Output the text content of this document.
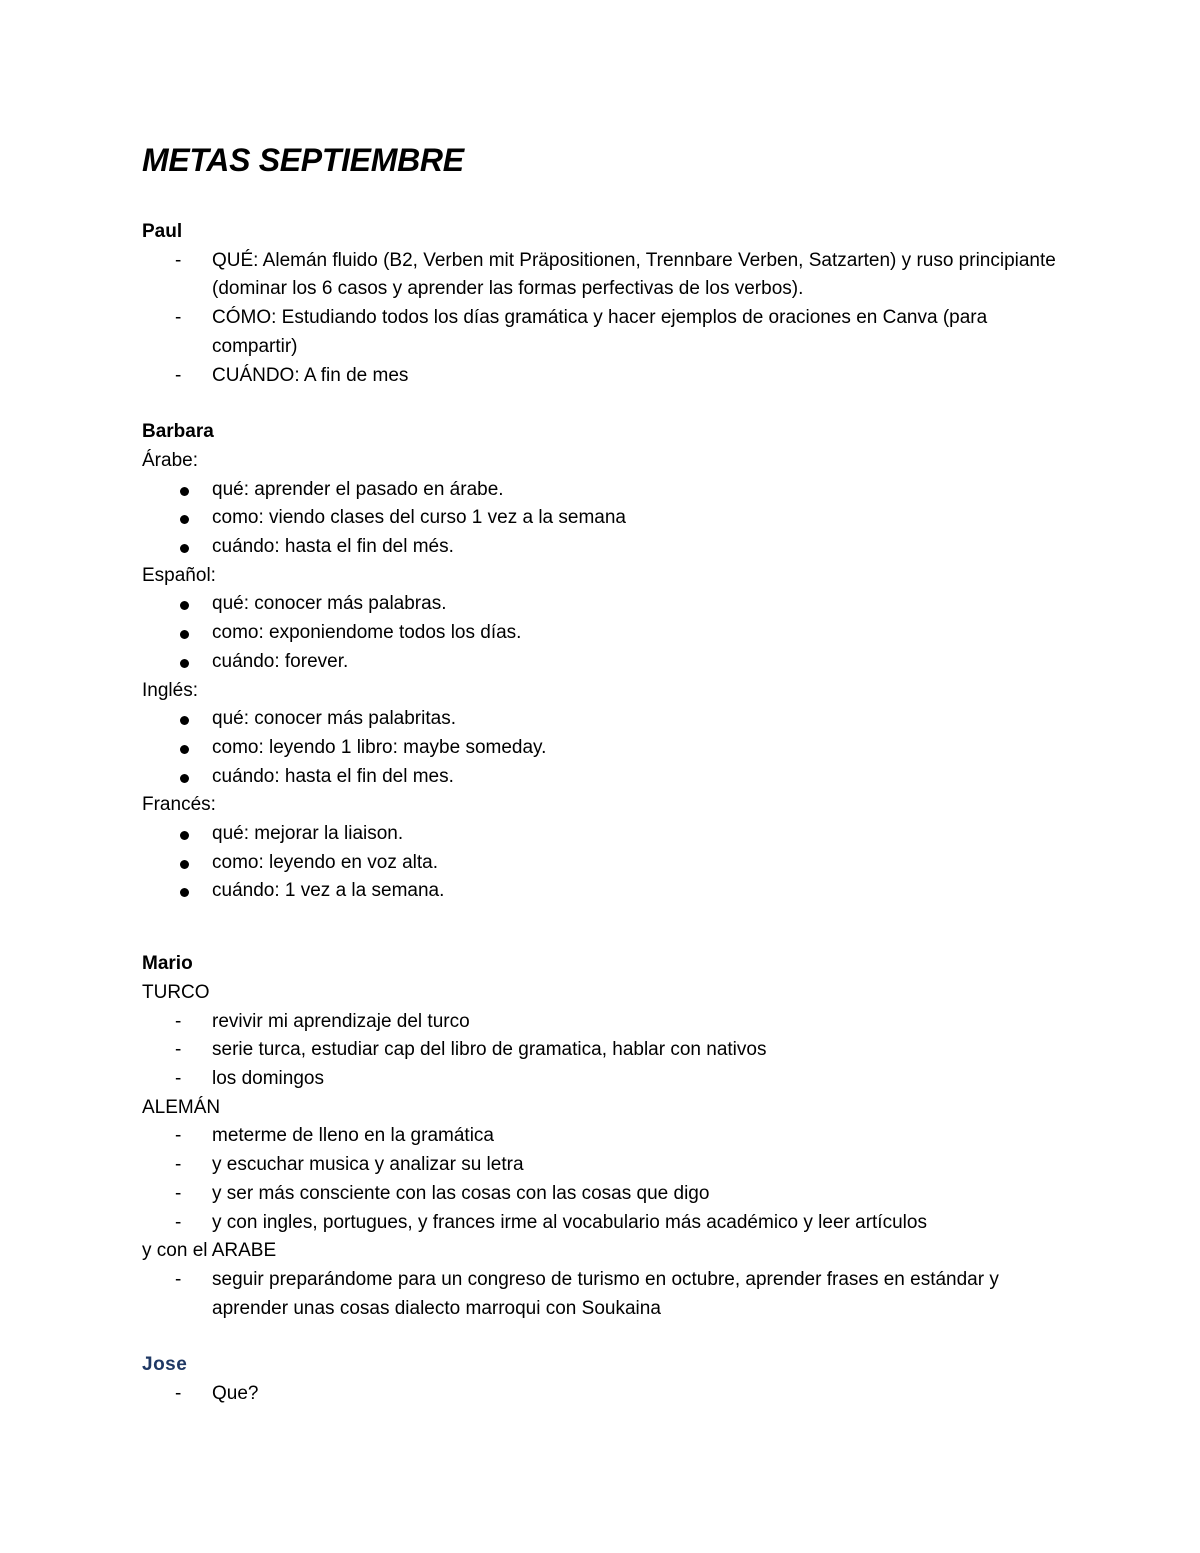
METAS SEPTIEMBRE
Paul
- QUÉ: Alemán fluido (B2, Verben mit Präpositionen, Trennbare Verben, Satzarten) y ruso principiante (dominar los 6 casos y aprender las formas perfectivas de los verbos).
- CÓMO: Estudiando todos los días gramática y hacer ejemplos de oraciones en Canva (para compartir)
- CUÁNDO: A fin de mes
Barbara
Árabe:
qué: aprender el pasado en árabe.
como: viendo clases del curso 1 vez a la semana
cuándo: hasta el fin del més.
Español:
qué: conocer más palabras.
como: exponiendome todos los días.
cuándo: forever.
Inglés:
qué: conocer más palabritas.
como: leyendo 1 libro: maybe someday.
cuándo: hasta el fin del mes.
Francés:
qué: mejorar la liaison.
como: leyendo en voz alta.
cuándo: 1 vez a la semana.
Mario
TURCO
- revivir mi aprendizaje del turco
- serie turca, estudiar cap del libro de gramatica, hablar con nativos
- los domingos
ALEMÁN
- meterme de lleno en la gramática
- y escuchar musica y analizar su letra
- y ser más consciente con las cosas con las cosas que digo
- y con ingles, portugues, y frances irme al vocabulario más académico y leer artículos
y con el ARABE
- seguir preparándome para un congreso de turismo en octubre, aprender frases en estándar y aprender unas cosas dialecto marroqui con Soukaina
Jose
- Que?
